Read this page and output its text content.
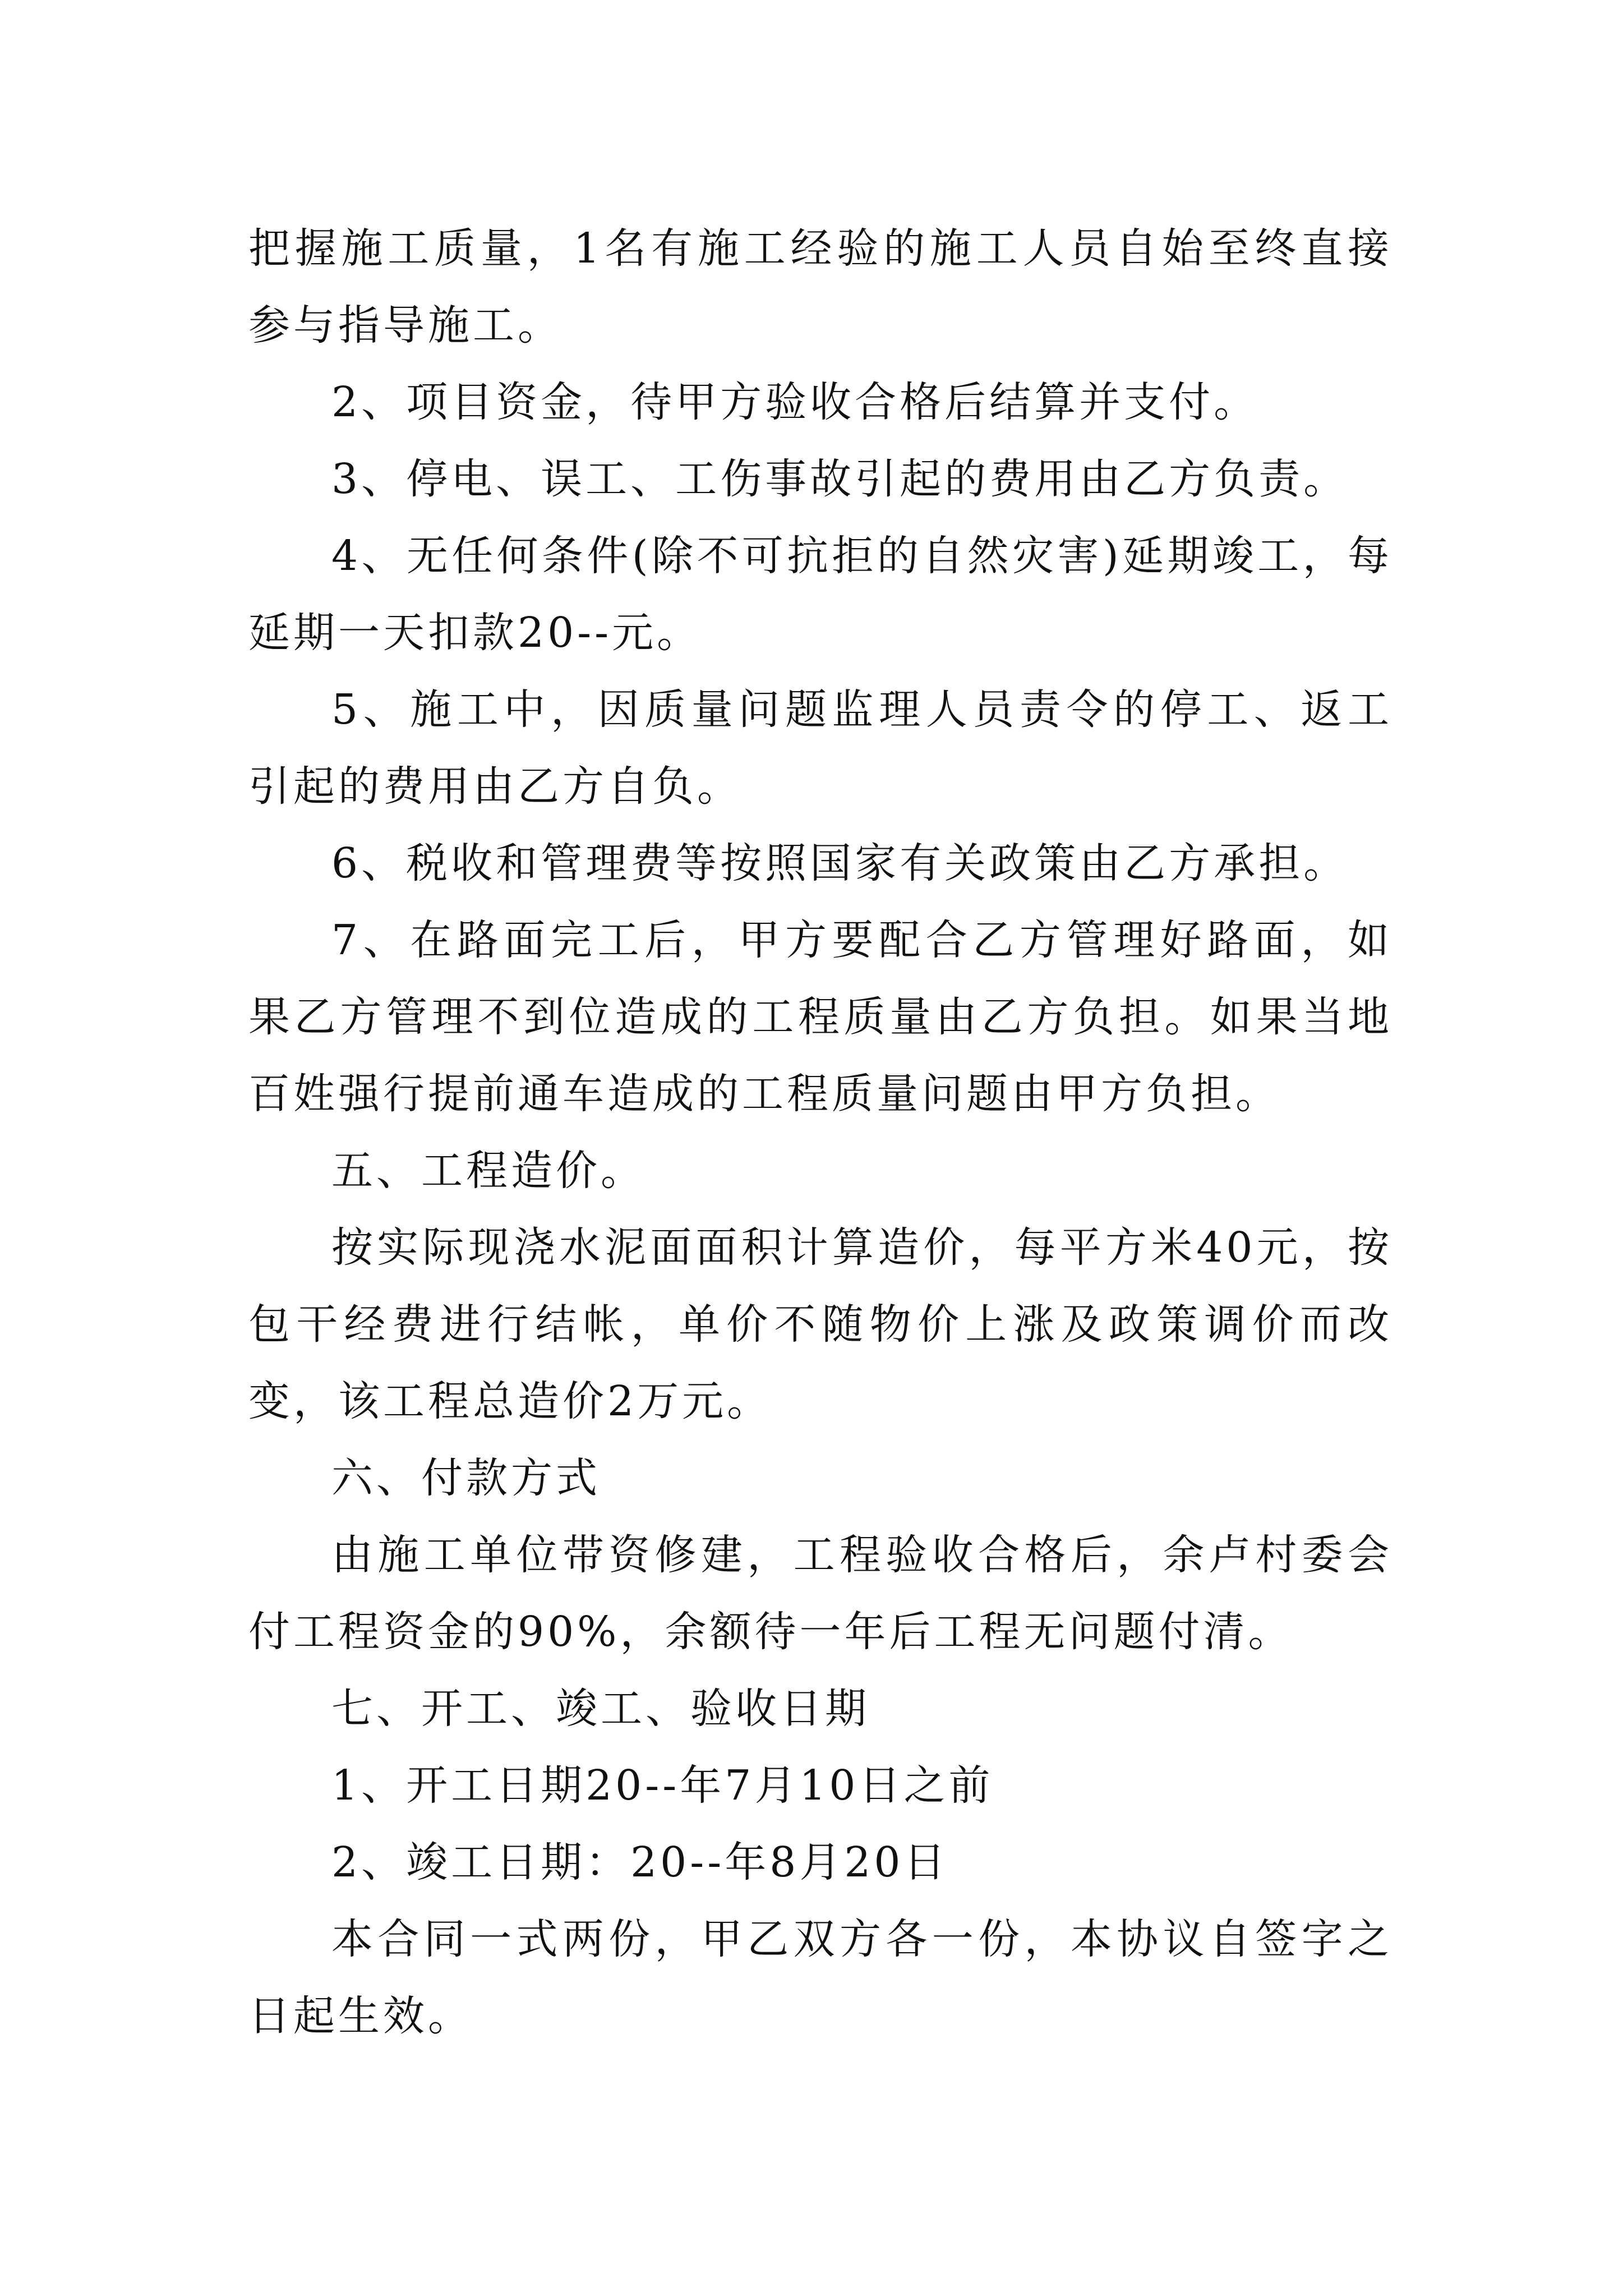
把握施工质量，1名有施工经验的施工人员自始至终直接参与指导施工。

2、项目资金，待甲方验收合格后结算并支付。

3、停电、误工、工伤事故引起的费用由乙方负责。

4、无任何条件(除不可抗拒的自然灾害)延期竣工，每延期一天扣款20--元。

5、施工中，因质量问题监理人员责令的停工、返工引起的费用由乙方自负。

6、税收和管理费等按照国家有关政策由乙方承担。

7、在路面完工后，甲方要配合乙方管理好路面，如果乙方管理不到位造成的工程质量由乙方负担。如果当地百姓强行提前通车造成的工程质量问题由甲方负担。

五、工程造价。

按实际现浇水泥面面积计算造价，每平方米40元，按包干经费进行结帐，单价不随物价上涨及政策调价而改变，该工程总造价2万元。

六、付款方式

由施工单位带资修建，工程验收合格后，余卢村委会付工程资金的90%，余额待一年后工程无问题付清。

七、开工、竣工、验收日期

1、开工日期20--年7月10日之前

2、竣工日期：20--年8月20日

本合同一式两份，甲乙双方各一份，本协议自签字之日起生效。
